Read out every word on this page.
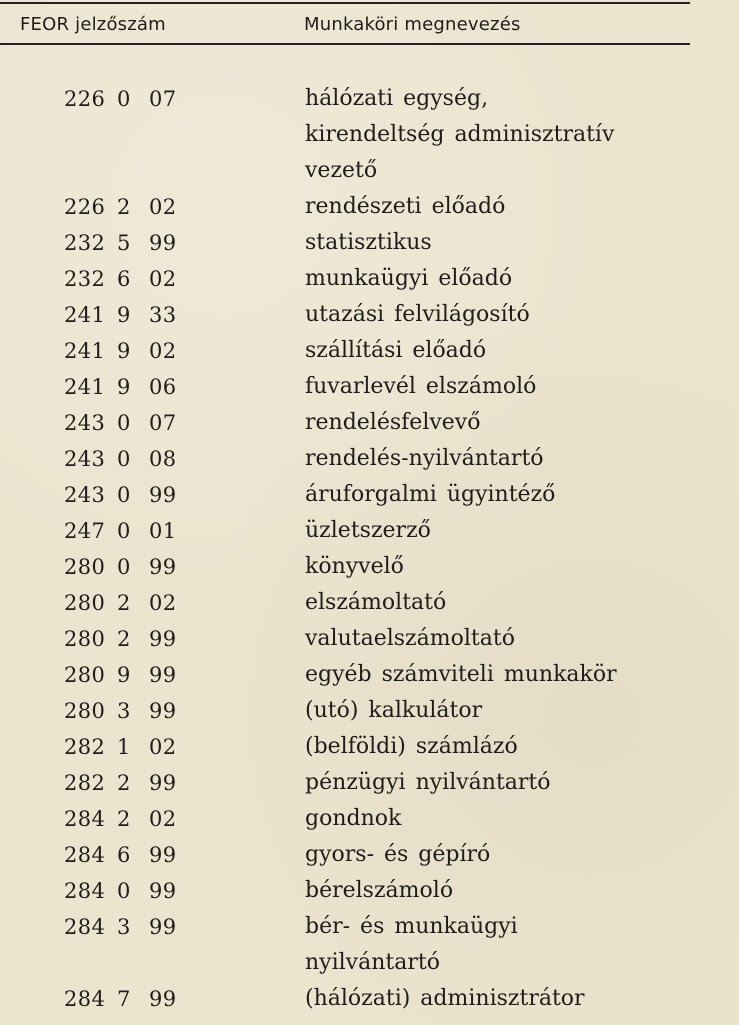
FEOR jelzőszám	Munkaköri megnevezés
226 0 07	hálózati egység,
kirendeltség adminisztratív
vezető
226 2 02	rendészeti előadó
232 5 99	statisztikus
232 6 02	munkaügyi előadó
241 9 33	utazási felvilágosító
241 9 02	szállítási előadó
241 9 06	fuvarlevél elszámoló
243 0 07	rendelésfelvevő
243 0 08	rendelés-nyilvántartó
243 0 99	áruforgalmi ügyintéző
247 0 01	üzletszerző
280 0 99	könyvelő
280 2 02	elszámoltató
280 2 99	valutaelszámoltató
280 9 99	egyéb számviteli munkakör
280 3 99	(utó) kalkulátor
282 1 02	(belföldi) számlázó
282 2 99	pénzügyi nyilvántartó
284 2 02	gondnok
284 6 99	gyors- és gépíró
284 0 99	bérelszámoló
284 3 99	bér- és munkaügyi
nyilvántartó
284 7 99	(hálózati) adminisztrátor
